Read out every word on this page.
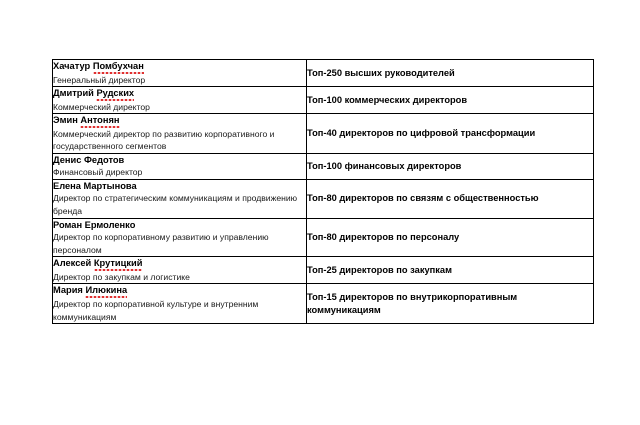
Хачатур Помбухчан
Генеральный директор	Топ-250 высших руководителей

Дмитрий Рудских
Коммерческий директор	Топ-100 коммерческих директоров

Эмин Антонян
Коммерческий директор по развитию корпоративного и государственного сегментов	Топ-40 директоров по цифровой трансформации

Денис Федотов
Финансовый директор	Топ-100 финансовых директоров

Елена Мартынова
Директор по стратегическим коммуникациям и продвижению бренда	Топ-80 директоров по связям с общественностью

Роман Ермоленко
Директор по корпоративному развитию и управлению персоналом	Топ-80 директоров по персоналу

Алексей Крутицкий
Директор по закупкам и логистике	Топ-25 директоров по закупкам

Мария Илюкина
Директор по корпоративной культуре и внутренним коммуникациям	Топ-15 директоров по внутрикорпоративным коммуникациям
